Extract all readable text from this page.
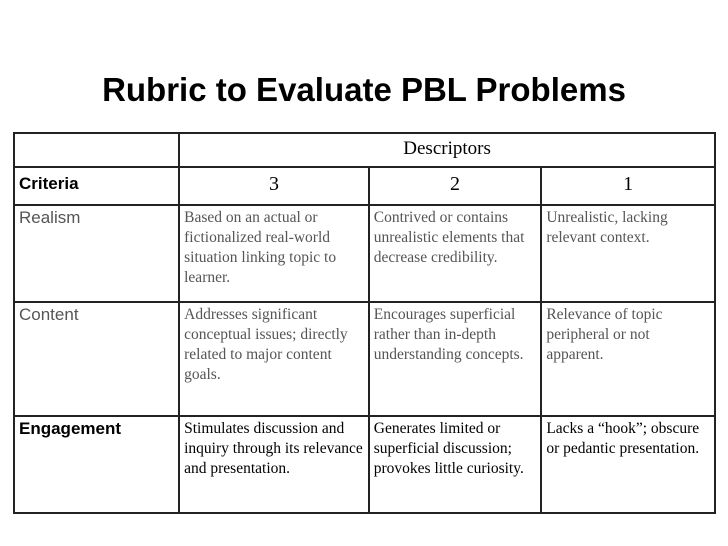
Rubric to Evaluate PBL Problems
	Descriptors		
Criteria	3	2	1
Realism	Based on an actual or fictionalized real-world situation linking topic to learner.	Contrived or contains unrealistic elements that decrease credibility.	Unrealistic, lacking relevant context.
Content	Addresses significant conceptual issues; directly related to major content goals.	Encourages superficial rather than in-depth understanding concepts.	Relevance of topic peripheral or not apparent.
Engagement	Stimulates discussion and inquiry through its relevance and presentation.	Generates limited or superficial discussion; provokes little curiosity.	Lacks a “hook”; obscure or pedantic presentation.
